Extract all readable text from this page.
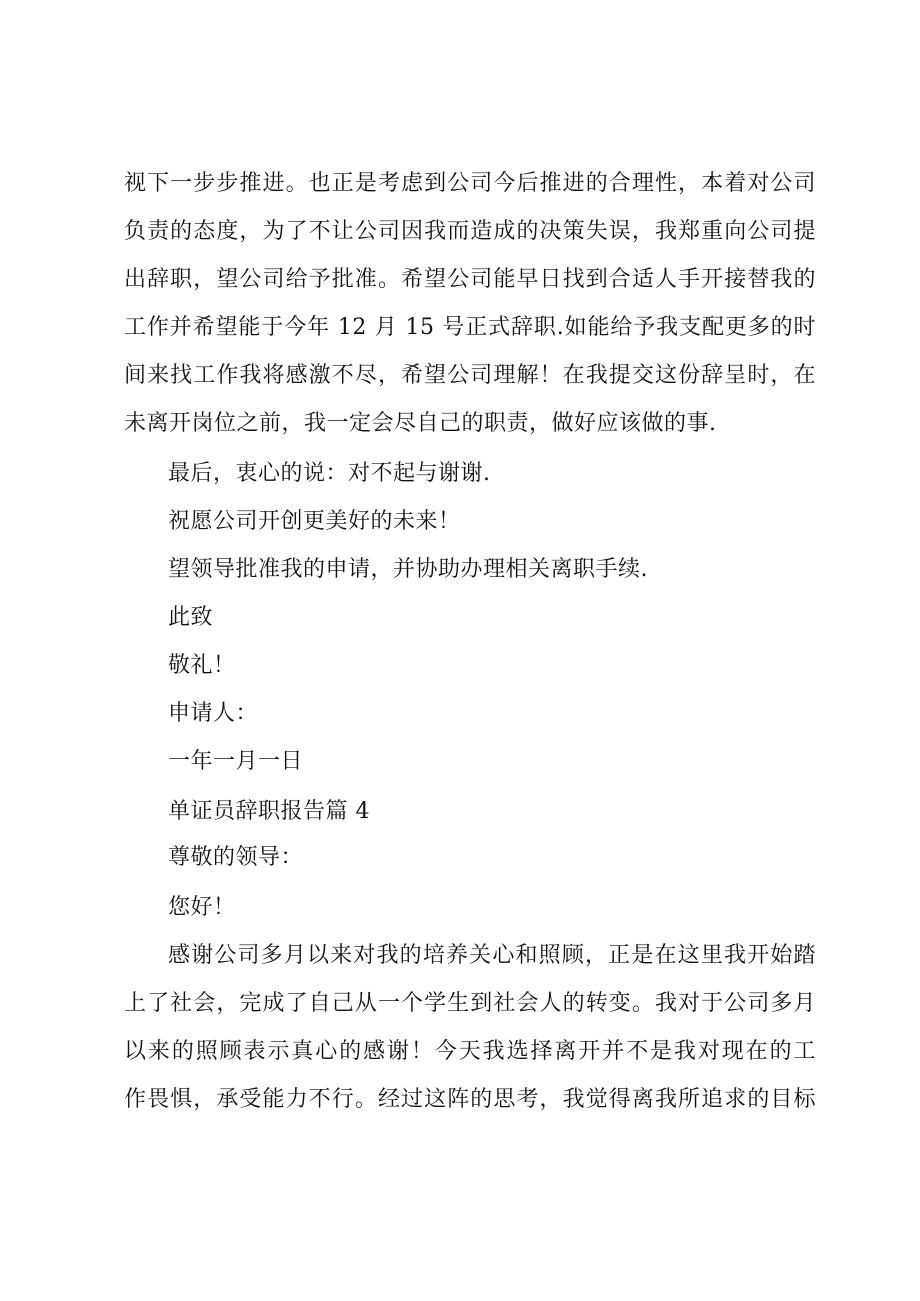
视下一步步推进。也正是考虑到公司今后推进的合理性，本着对公司
负责的态度，为了不让公司因我而造成的决策失误，我郑重向公司提
出辞职，望公司给予批准。希望公司能早日找到合适人手开接替我的
工作并希望能于今年 12 月 15 号正式辞职.如能给予我支配更多的时
间来找工作我将感激不尽，希望公司理解！在我提交这份辞呈时，在
未离开岗位之前，我一定会尽自己的职责，做好应该做的事.
最后，衷心的说：对不起与谢谢.
祝愿公司开创更美好的未来！
望领导批准我的申请，并协助办理相关离职手续.
此致
敬礼！
申请人：
一年一月一日
单证员辞职报告篇 4
尊敬的领导：
您好！
感谢公司多月以来对我的培养关心和照顾，正是在这里我开始踏
上了社会，完成了自己从一个学生到社会人的转变。我对于公司多月
以来的照顾表示真心的感谢！今天我选择离开并不是我对现在的工
作畏惧，承受能力不行。经过这阵的思考，我觉得离我所追求的目标
